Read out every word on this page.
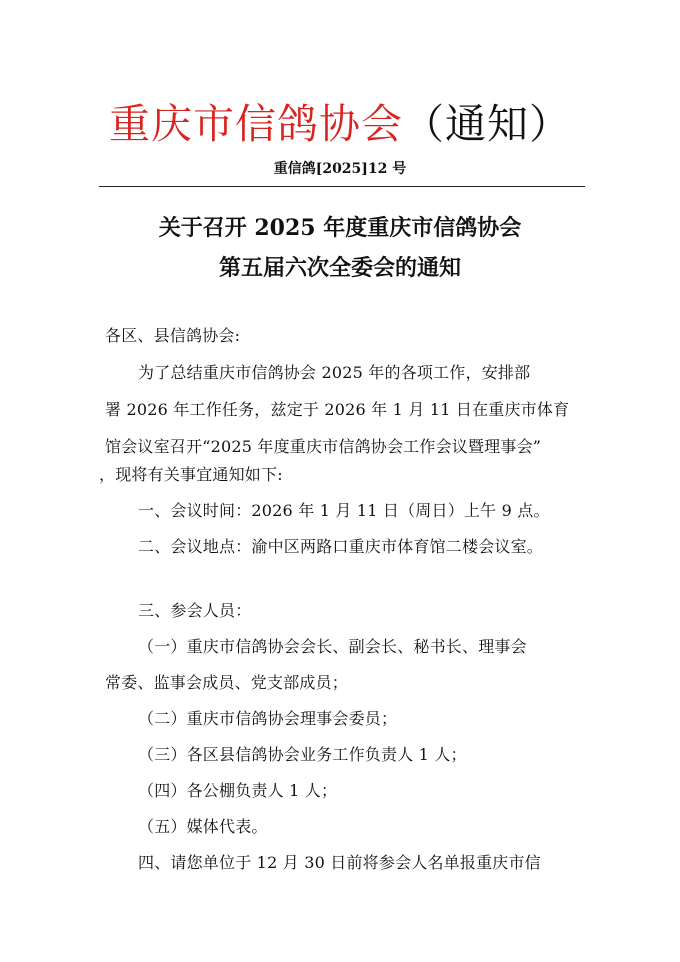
重庆市信鸽协会（通知）
重信鸽[2025]12 号
关于召开 2025 年度重庆市信鸽协会
第五届六次全委会的通知
各区、县信鸽协会:
为了总结重庆市信鸽协会 2025 年的各项工作，安排部
署 2026 年工作任务，兹定于 2026 年 1 月 11 日在重庆市体育
馆会议室召开“2025 年度重庆市信鸽协会工作会议暨理事会”
，现将有关事宜通知如下:
一、会议时间：2026 年 1 月 11 日（周日）上午 9 点。
二、会议地点：渝中区两路口重庆市体育馆二楼会议室。
三、参会人员：
（一）重庆市信鸽协会会长、副会长、秘书长、理事会
常委、监事会成员、党支部成员；
（二）重庆市信鸽协会理事会委员；
（三）各区县信鸽协会业务工作负责人 1 人；
（四）各公棚负责人 1 人；
（五）媒体代表。
四、请您单位于 12 月 30 日前将参会人名单报重庆市信
